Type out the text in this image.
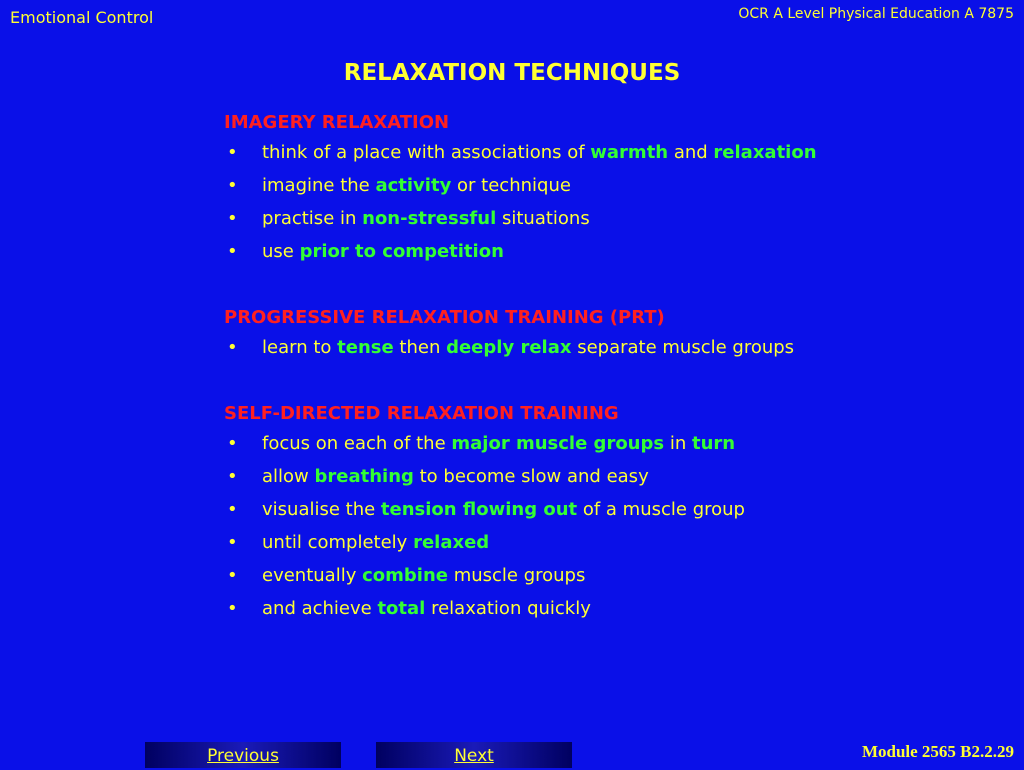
Emotional Control	OCR A Level Physical Education A 7875
RELAXATION TECHNIQUES
IMAGERY RELAXATION
• think of a place with associations of warmth and relaxation
• imagine the activity or technique
• practise in non-stressful situations
• use prior to competition
PROGRESSIVE RELAXATION TRAINING (PRT)
• learn to tense then deeply relax separate muscle groups
SELF-DIRECTED RELAXATION TRAINING
• focus on each of the major muscle groups in turn
• allow breathing to become slow and easy
• visualise the tension flowing out of a muscle group
• until completely relaxed
• eventually combine muscle groups
• and achieve total relaxation quickly
Previous	Next	Module 2565 B2.2.29
